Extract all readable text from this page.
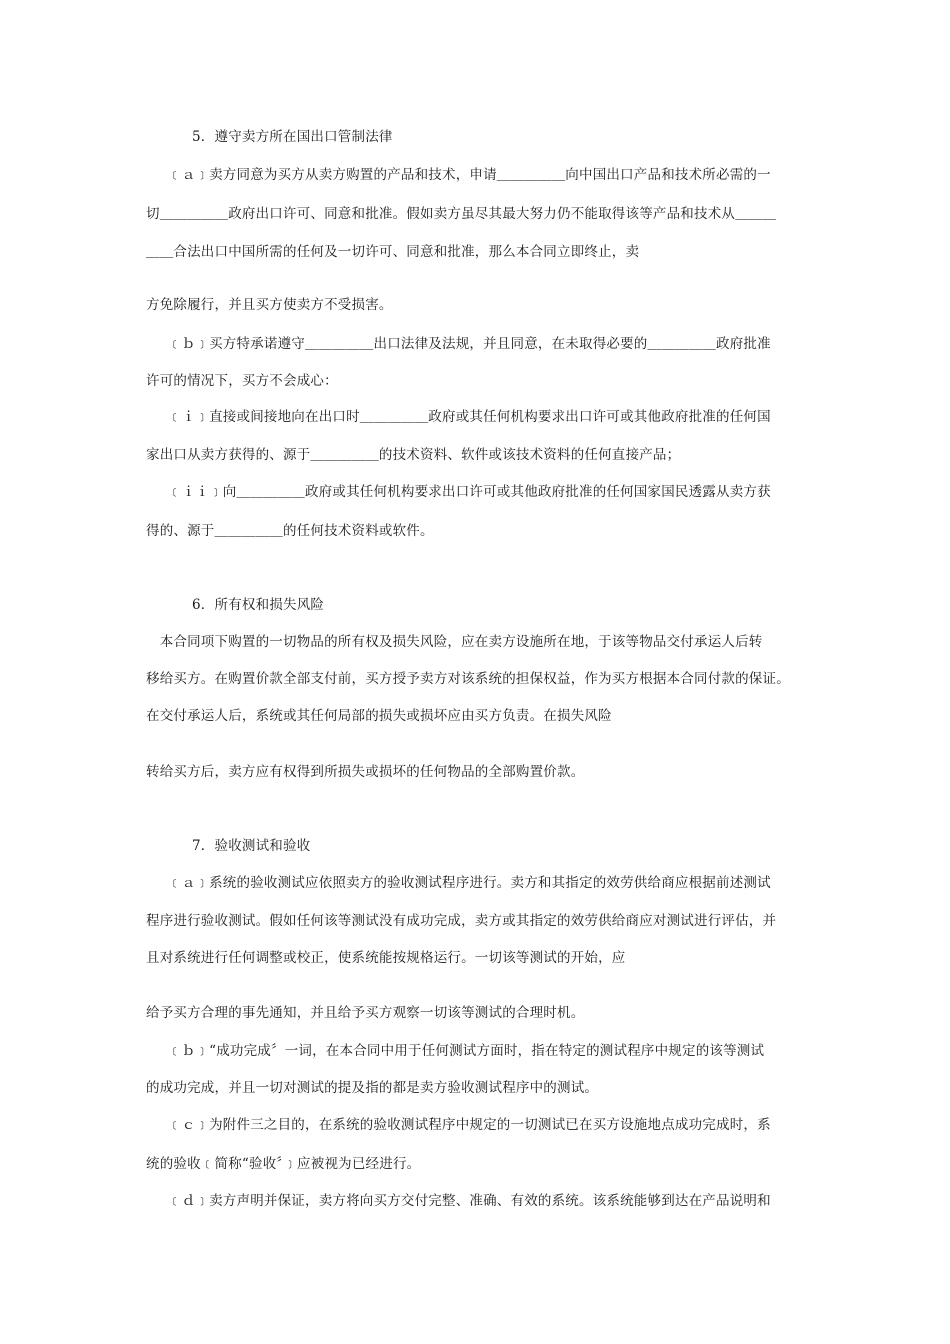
5．遵守卖方所在国出口管制法律
﹝ａ﹞卖方同意为买方从卖方购置的产品和技术，申请＿＿＿＿＿向中国出口产品和技术所必需的一
切＿＿＿＿＿政府出口许可、同意和批准。假如卖方虽尽其最大努力仍不能取得该等产品和技术从＿＿＿
＿＿合法出口中国所需的任何及一切许可、同意和批准，那么本合同立即终止，卖
方免除履行，并且买方使卖方不受损害。
﹝ｂ﹞买方特承诺遵守＿＿＿＿＿出口法律及法规，并且同意，在未取得必要的＿＿＿＿＿政府批准
许可的情况下，买方不会成心：
﹝ｉ﹞直接或间接地向在出口时＿＿＿＿＿政府或其任何机构要求出口许可或其他政府批准的任何国
家出口从卖方获得的、源于＿＿＿＿＿的技术资料、软件或该技术资料的任何直接产品；
﹝ｉｉ﹞向＿＿＿＿＿政府或其任何机构要求出口许可或其他政府批准的任何国家国民透露从卖方获
得的、源于＿＿＿＿＿的任何技术资料或软件。
6．所有权和损失风险
　本合同项下购置的一切物品的所有权及损失风险，应在卖方设施所在地，于该等物品交付承运人后转
移给买方。在购置价款全部支付前，买方授予卖方对该系统的担保权益，作为买方根据本合同付款的保证。
在交付承运人后，系统或其任何局部的损失或损坏应由买方负责。在损失风险
转给买方后，卖方应有权得到所损失或损坏的任何物品的全部购置价款。
7．验收测试和验收
﹝ａ﹞系统的验收测试应依照卖方的验收测试程序进行。卖方和其指定的效劳供给商应根据前述测试
程序进行验收测试。假如任何该等测试没有成功完成，卖方或其指定的效劳供给商应对测试进行评估，并
且对系统进行任何调整或校正，使系统能按规格运行。一切该等测试的开始，应
给予买方合理的事先通知，并且给予买方观察一切该等测试的合理时机。
﹝ｂ﹞“成功完成〞一词，在本合同中用于任何测试方面时，指在特定的测试程序中规定的该等测试
的成功完成，并且一切对测试的提及指的都是卖方验收测试程序中的测试。
﹝ｃ﹞为附件三之目的，在系统的验收测试程序中规定的一切测试已在买方设施地点成功完成时，系
统的验收﹝简称“验收〞﹞应被视为已经进行。
﹝ｄ﹞卖方声明并保证，卖方将向买方交付完整、准确、有效的系统。该系统能够到达在产品说明和
